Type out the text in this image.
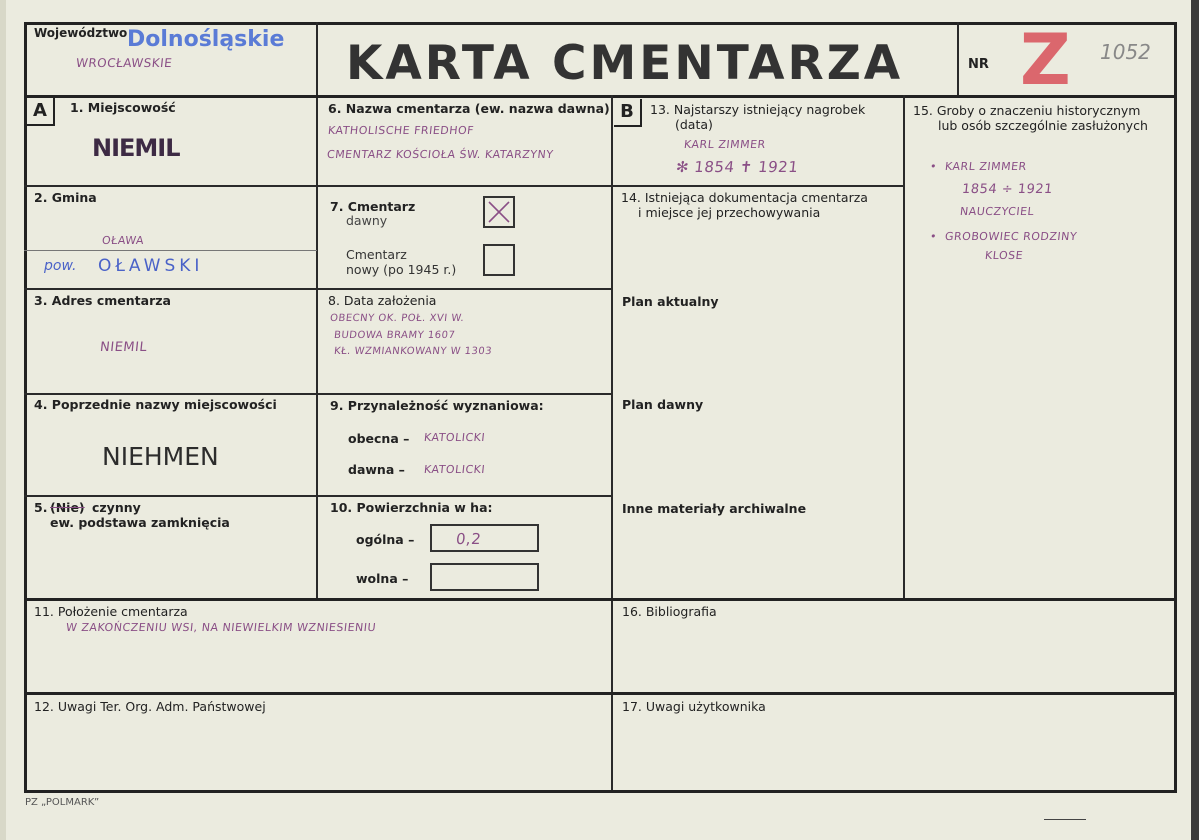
Województwo Dolnośląskie
WROCŁAWSKIE	KARTA CMENTARZA	NR Z 1052
A	1. Miejscowość
NIEMIL
2. Gmina
OŁAWA
pow. OŁAWSKI
3. Adres cmentarza
NIEMIL
4. Poprzednie nazwy miejscowości
NIEHMEN
5. (Nie) czynny
ew. podstawa zamknięcia
6. Nazwa cmentarza (ew. nazwa dawna)
KATHOLISCHE FRIEDHOF
CMENTARZ KOŚCIOŁA ŚW. KATARZYNY
7. Cmentarz
dawny
Cmentarz
nowy (po 1945 r.)
8. Data założenia
OBECNY OK. POŁ. XVI W.
BUDOWA BRAMY 1607
KŁ. WZMIANKOWANY W 1303
9. Przynależność wyznaniowa:
obecna – KATOLICKI
dawna – KATOLICKI
10. Powierzchnia w ha:
ogólna –	0,2
wolna –
11. Położenie cmentarza
W ZAKOŃCZENIU WSI, NA NIEWIELKIM WZNIESIENIU
12. Uwagi Ter. Org. Adm. Państwowej
B	13. Najstarszy istniejący nagrobek
(data)
KARL ZIMMER
✻ 1854 ✝ 1921
14. Istniejąca dokumentacja cmentarza
i miejsce jej przechowywania
Plan aktualny
Plan dawny
Inne materiały archiwalne
15. Groby o znaczeniu historycznym
lub osób szczególnie zasłużonych
• KARL ZIMMER
1854 ÷ 1921
NAUCZYCIEL
• GROBOWIEC RODZINY
KLOSE
16. Bibliografia
17. Uwagi użytkownika
PZ „POLMARK”
